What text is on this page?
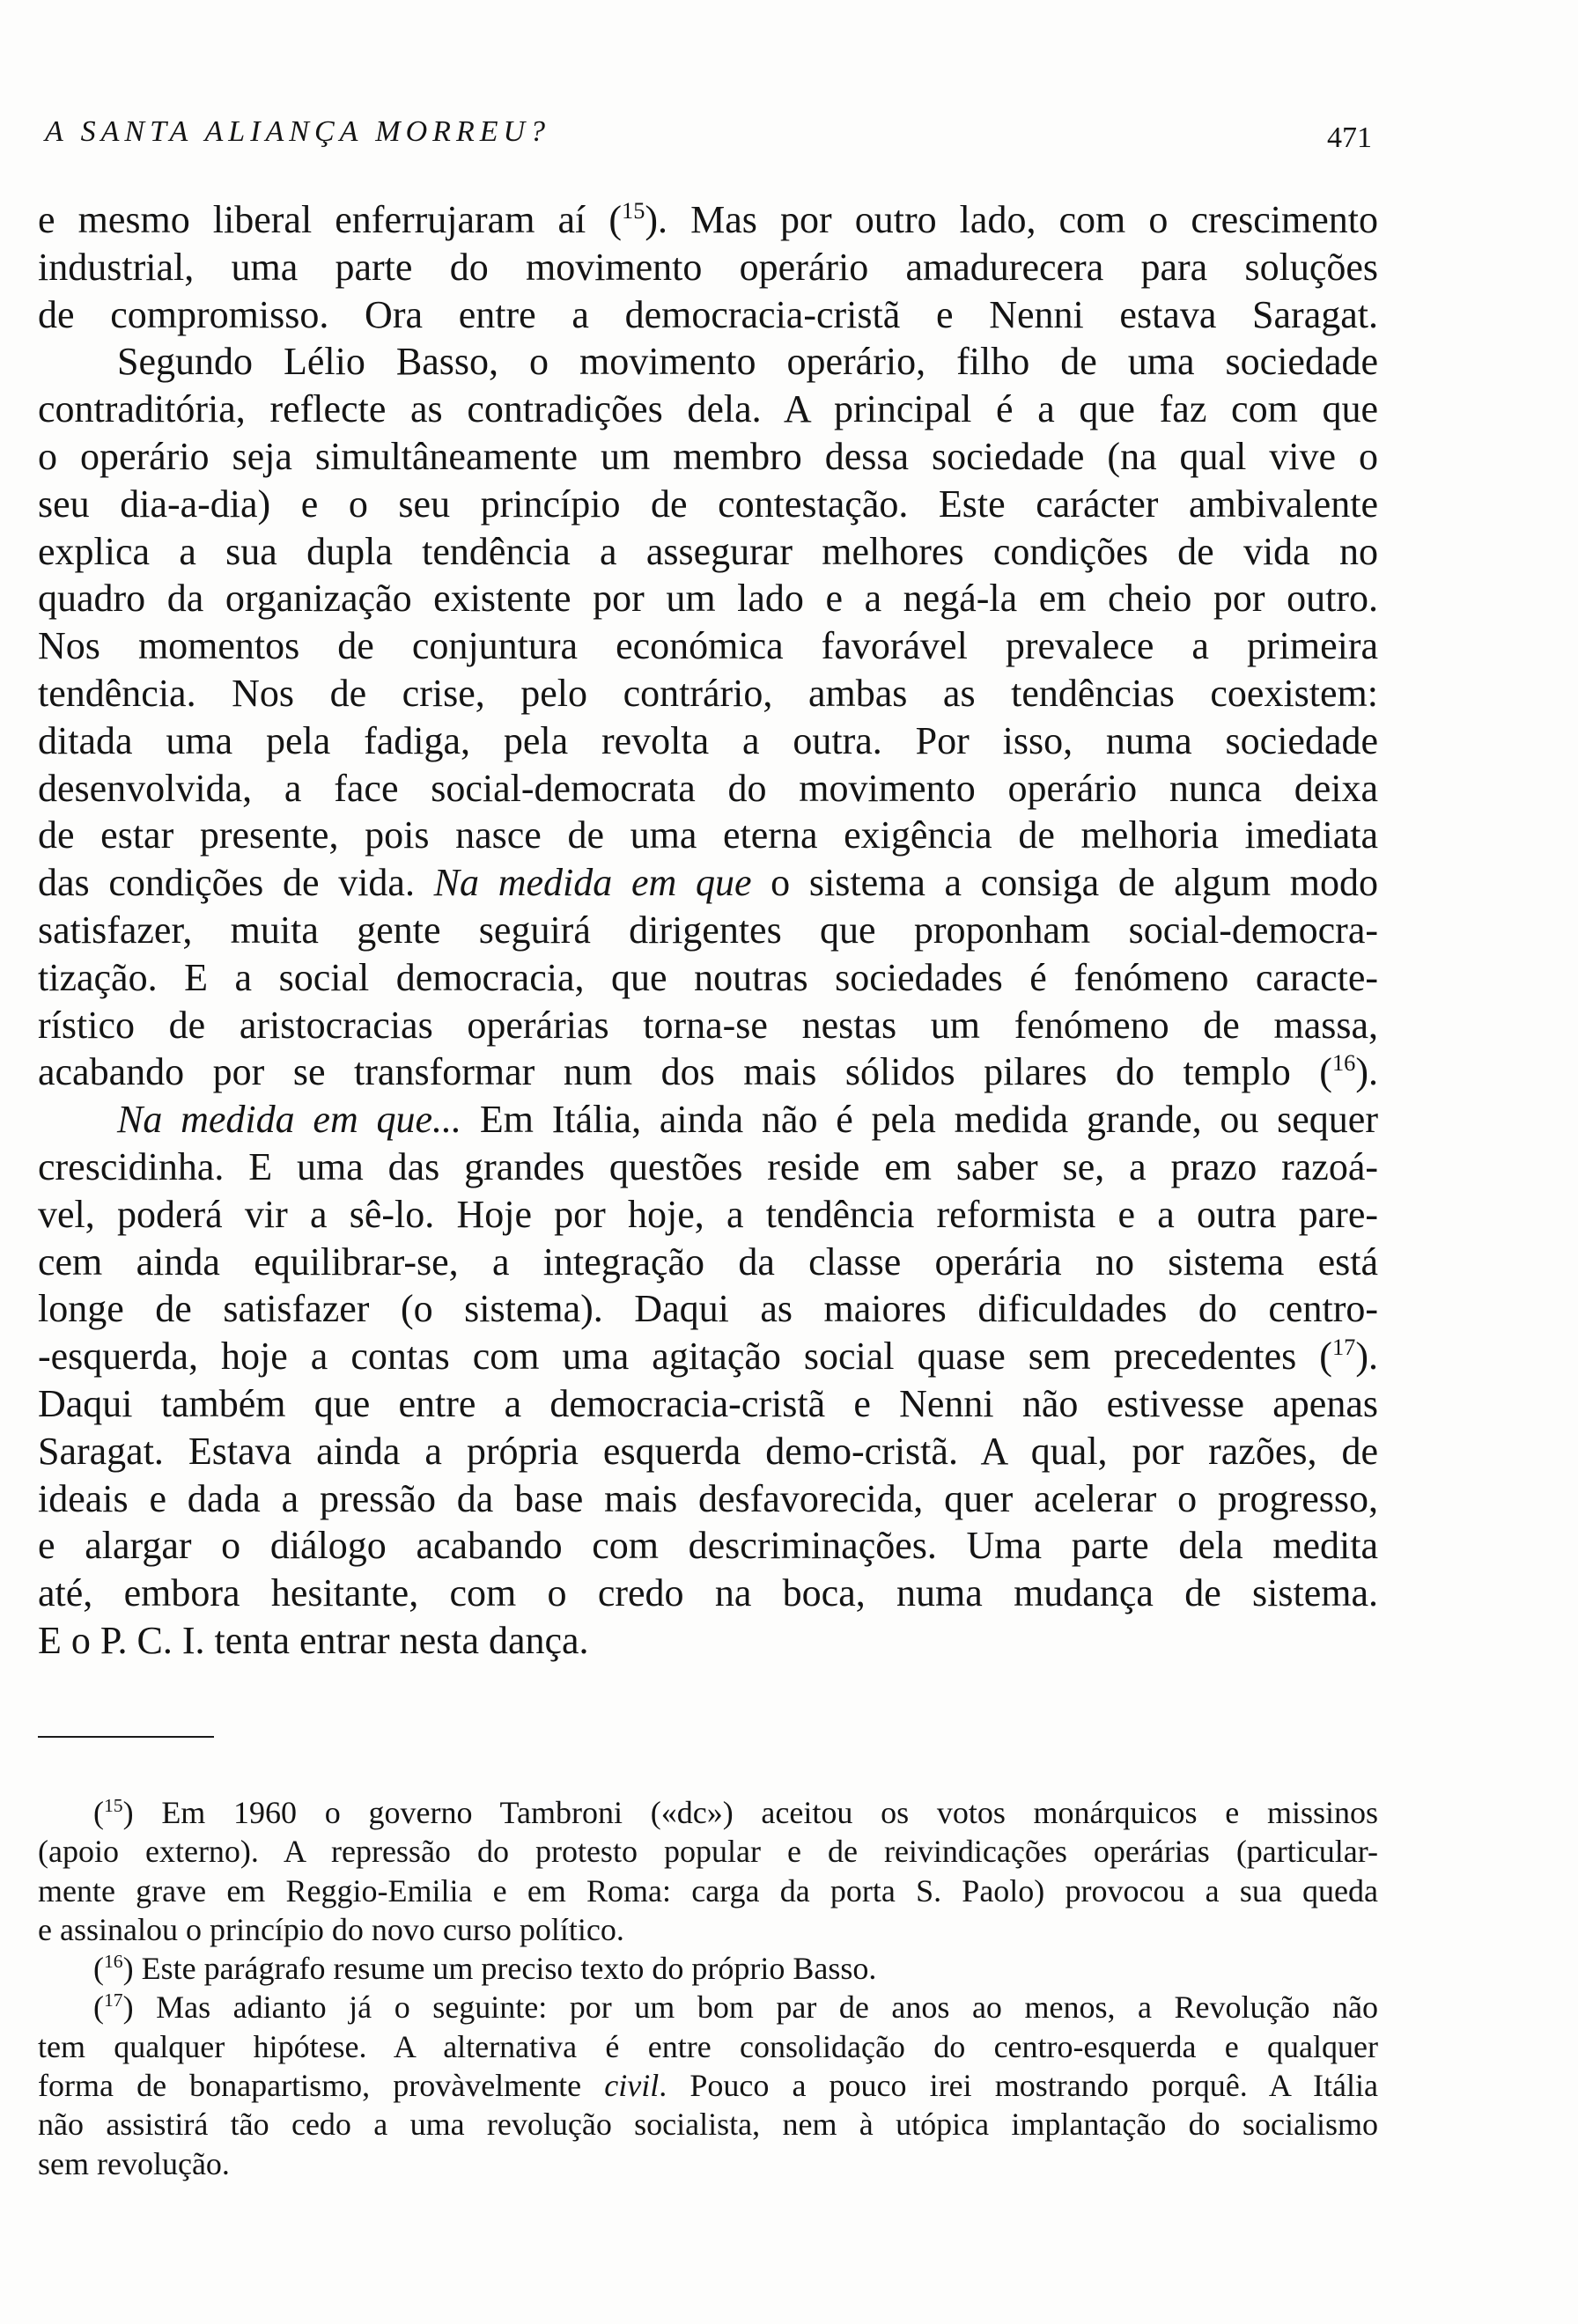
A SANTA ALIANÇA MORREU?	471
e mesmo liberal enferrujaram aí ($^{15}$). Mas por outro lado, com o crescimento
industrial, uma parte do movimento operário amadurecera para soluções
de compromisso. Ora entre a democracia-cristã e Nenni estava Saragat.
Segundo Lélio Basso, o movimento operário, filho de uma sociedade
contraditória, reflecte as contradições dela. A principal é a que faz com que
o operário seja simultâneamente um membro dessa sociedade (na qual vive o
seu dia-a-dia) e o seu princípio de contestação. Este carácter ambivalente
explica a sua dupla tendência a assegurar melhores condições de vida no
quadro da organização existente por um lado e a negá-la em cheio por outro.
Nos momentos de conjuntura económica favorável prevalece a primeira
tendência. Nos de crise, pelo contrário, ambas as tendências coexistem:
ditada uma pela fadiga, pela revolta a outra. Por isso, numa sociedade
desenvolvida, a face social-democrata do movimento operário nunca deixa
de estar presente, pois nasce de uma eterna exigência de melhoria imediata
das condições de vida. Na medida em que o sistema a consiga de algum modo
satisfazer, muita gente seguirá dirigentes que proponham social-democra-
tização. E a social democracia, que noutras sociedades é fenómeno caracte-
rístico de aristocracias operárias torna-se nestas um fenómeno de massa,
acabando por se transformar num dos mais sólidos pilares do templo ($^{16}$).
Na medida em que... Em Itália, ainda não é pela medida grande, ou sequer
crescidinha. E uma das grandes questões reside em saber se, a prazo razoá-
vel, poderá vir a sê-lo. Hoje por hoje, a tendência reformista e a outra pare-
cem ainda equilibrar-se, a integração da classe operária no sistema está
longe de satisfazer (o sistema). Daqui as maiores dificuldades do centro-
-esquerda, hoje a contas com uma agitação social quase sem precedentes ($^{17}$).
Daqui também que entre a democracia-cristã e Nenni não estivesse apenas
Saragat. Estava ainda a própria esquerda demo-cristã. A qual, por razões, de
ideais e dada a pressão da base mais desfavorecida, quer acelerar o progresso,
e alargar o diálogo acabando com descriminações. Uma parte dela medita
até, embora hesitante, com o credo na boca, numa mudança de sistema.
E o P. C. I. tenta entrar nesta dança.
($^{15}$) Em 1960 o governo Tambroni («dc») aceitou os votos monárquicos e missinos
(apoio externo). A repressão do protesto popular e de reivindicações operárias (particular-
mente grave em Reggio-Emilia e em Roma: carga da porta S. Paolo) provocou a sua queda
e assinalou o princípio do novo curso político.
($^{16}$) Este parágrafo resume um preciso texto do próprio Basso.
($^{17}$) Mas adianto já o seguinte: por um bom par de anos ao menos, a Revolução não
tem qualquer hipótese. A alternativa é entre consolidação do centro-esquerda e qualquer
forma de bonapartismo, provàvelmente civil. Pouco a pouco irei mostrando porquê. A Itália
não assistirá tão cedo a uma revolução socialista, nem à utópica implantação do socialismo
sem revolução.
